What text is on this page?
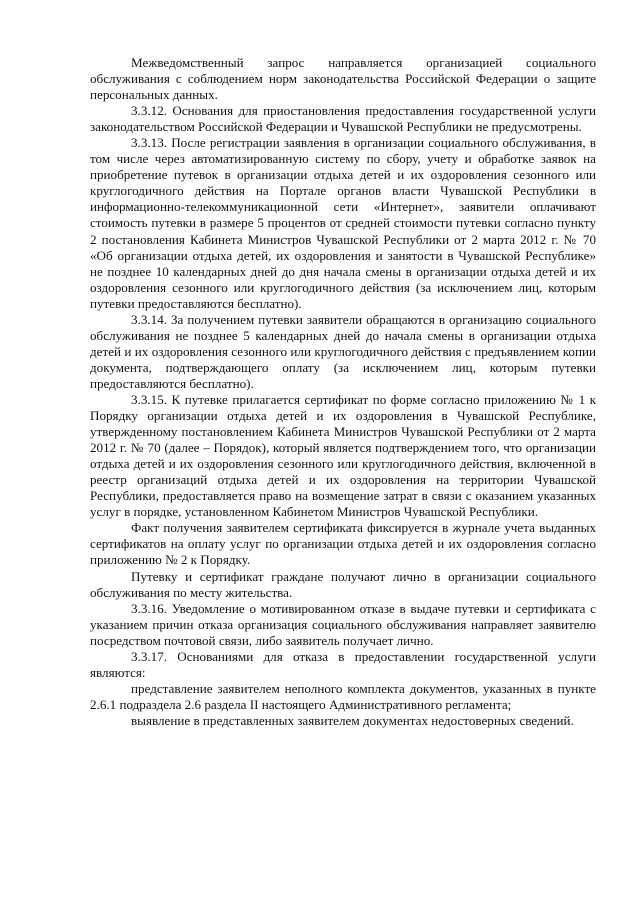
Межведомственный запрос направляется организацией социального обслуживания с соблюдением норм законодательства Российской Федерации о защите персональных данных.

3.3.12. Основания для приостановления предоставления государственной услуги законодательством Российской Федерации и Чувашской Республики не предусмотрены.

3.3.13. После регистрации заявления в организации социального обслуживания, в том числе через автоматизированную систему по сбору, учету и обработке заявок на приобретение путевок в организации отдыха детей и их оздоровления сезонного или круглогодичного действия на Портале органов власти Чувашской Республики в информационно-телекоммуникационной сети «Интернет», заявители оплачивают стоимость путевки в размере 5 процентов от средней стоимости путевки согласно пункту 2 постановления Кабинета Министров Чувашской Республики от 2 марта 2012 г. № 70 «Об организации отдыха детей, их оздоровления и занятости в Чувашской Республике» не позднее 10 календарных дней до дня начала смены в организации отдыха детей и их оздоровления сезонного или круглогодичного действия (за исключением лиц, которым путевки предоставляются бесплатно).

3.3.14. За получением путевки заявители обращаются в организацию социального обслуживания не позднее 5 календарных дней до начала смены в организации отдыха детей и их оздоровления сезонного или круглогодичного действия с предъявлением копии документа, подтверждающего оплату (за исключением лиц, которым путевки предоставляются бесплатно).

3.3.15. К путевке прилагается сертификат по форме согласно приложению № 1 к Порядку организации отдыха детей и их оздоровления в Чувашской Республике, утвержденному постановлением Кабинета Министров Чувашской Республики от 2 марта 2012 г. № 70 (далее – Порядок), который является подтверждением того, что организации отдыха детей и их оздоровления сезонного или круглогодичного действия, включенной в реестр организаций отдыха детей и их оздоровления на территории Чувашской Республики, предоставляется право на возмещение затрат в связи с оказанием указанных услуг в порядке, установленном Кабинетом Министров Чувашской Республики.

Факт получения заявителем сертификата фиксируется в журнале учета выданных сертификатов на оплату услуг по организации отдыха детей и их оздоровления согласно приложению № 2 к Порядку.

Путевку и сертификат граждане получают лично в организации социального обслуживания по месту жительства.

3.3.16. Уведомление о мотивированном отказе в выдаче путевки и сертификата с указанием причин отказа организация социального обслуживания направляет заявителю посредством почтовой связи, либо заявитель получает лично.

3.3.17. Основаниями для отказа в предоставлении государственной услуги являются:

представление заявителем неполного комплекта документов, указанных в пункте 2.6.1 подраздела 2.6 раздела II настоящего Административного регламента;

выявление в представленных заявителем документах недостоверных сведений.
